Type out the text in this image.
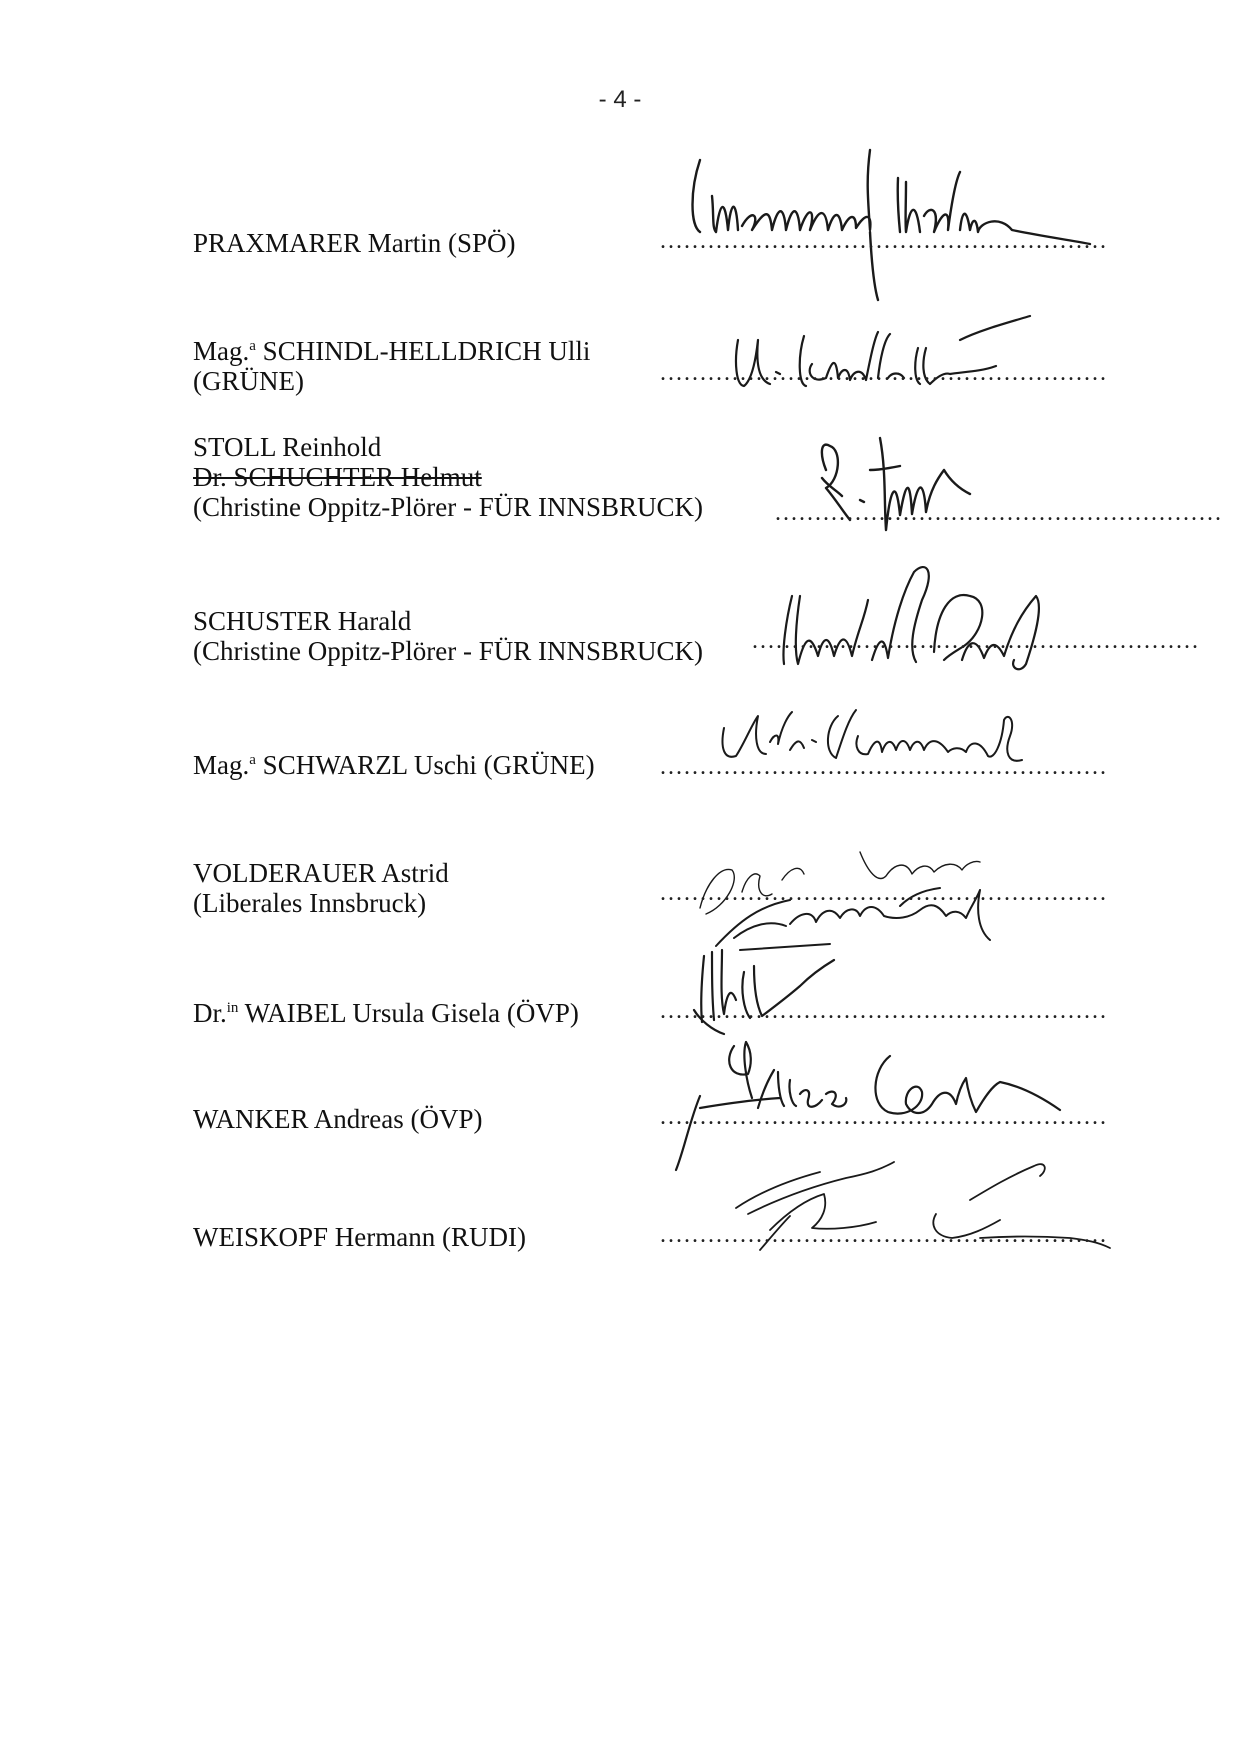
- 4 -
PRAXMARER Martin (SPÖ)
Mag.$^a$ SCHINDL-HELLDRICH Ulli
(GRÜNE)
STOLL Reinhold
Dr. SCHUCHTER Helmut
(Christine Oppitz-Plörer - FÜR INNSBRUCK)
SCHUSTER Harald
(Christine Oppitz-Plörer - FÜR INNSBRUCK)
Mag.$^a$ SCHWARZL Uschi (GRÜNE)
VOLDERAUER Astrid
(Liberales Innsbruck)
Dr.$^{in}$ WAIBEL Ursula Gisela (ÖVP)
WANKER Andreas (ÖVP)
WEISKOPF Hermann (RUDI)
........................................................
........................................................
........................................................
........................................................
........................................................
........................................................
........................................................
........................................................
........................................................
